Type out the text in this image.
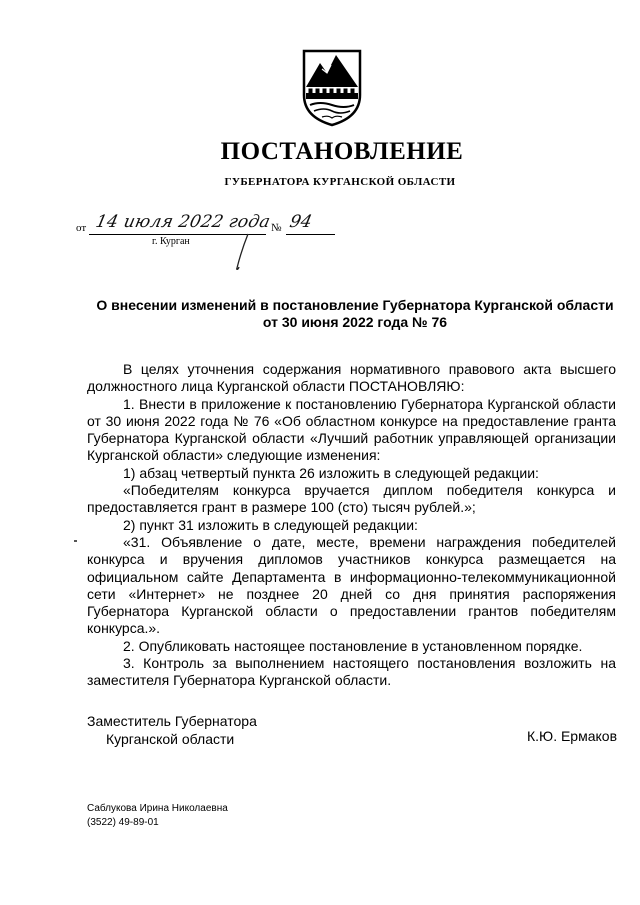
ПОСТАНОВЛЕНИЕ
ГУБЕРНАТОРА КУРГАНСКОЙ ОБЛАСТИ
от 14 июля 2022 года
№ 94
г. Курган
О внесении изменений в постановление Губернатора Курганской области
от 30 июня 2022 года № 76

В целях уточнения содержания нормативного правового акта высшего должностного лица Курганской области ПОСТАНОВЛЯЮ:

1. Внести в приложение к постановлению Губернатора Курганской области от 30 июня 2022 года № 76 «Об областном конкурсе на предоставление гранта Губернатора Курганской области «Лучший работник управляющей организации Курганской области» следующие изменения:

1) абзац четвертый пункта 26 изложить в следующей редакции:

«Победителям конкурса вручается диплом победителя конкурса и предоставляется грант в размере 100 (сто) тысяч рублей.»;

2) пункт 31 изложить в следующей редакции:

«31. Объявление о дате, месте, времени награждения победителей конкурса и вручения дипломов участников конкурса размещается на официальном сайте Департамента в информационно-телекоммуникационной сети «Интернет» не позднее 20 дней со дня принятия распоряжения Губернатора Курганской области о предоставлении грантов победителям конкурса.».

2. Опубликовать настоящее постановление в установленном порядке.

3. Контроль за выполнением настоящего постановления возложить на заместителя Губернатора Курганской области.

Заместитель Губернатора
Курганской области	К.Ю. Ермаков
Саблукова Ирина Николаевна
(3522) 49-89-01
